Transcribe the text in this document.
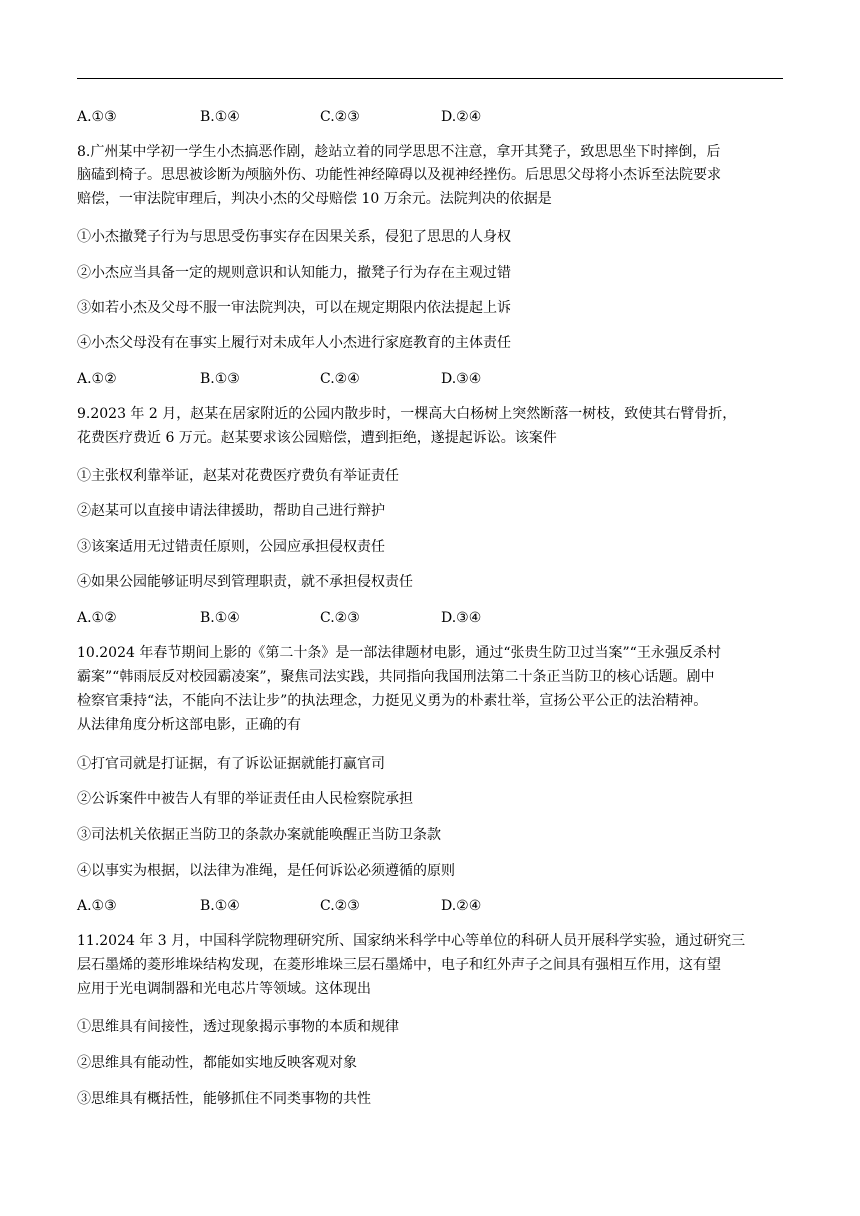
A.①③	B.①④	C.②③	D.②④
8.广州某中学初一学生小杰搞恶作剧，趁站立着的同学思思不注意，拿开其凳子，致思思坐下时摔倒，后
脑磕到椅子。思思被诊断为颅脑外伤、功能性神经障碍以及视神经挫伤。后思思父母将小杰诉至法院要求
赔偿，一审法院审理后，判决小杰的父母赔偿 10 万余元。法院判决的依据是
①小杰撤凳子行为与思思受伤事实存在因果关系，侵犯了思思的人身权
②小杰应当具备一定的规则意识和认知能力，撤凳子行为存在主观过错
③如若小杰及父母不服一审法院判决，可以在规定期限内依法提起上诉
④小杰父母没有在事实上履行对未成年人小杰进行家庭教育的主体责任
A.①②	B.①③	C.②④	D.③④
9.2023 年 2 月，赵某在居家附近的公园内散步时，一棵高大白杨树上突然断落一树枝，致使其右臂骨折，
花费医疗费近 6 万元。赵某要求该公园赔偿，遭到拒绝，遂提起诉讼。该案件
①主张权利靠举证，赵某对花费医疗费负有举证责任
②赵某可以直接申请法律援助，帮助自己进行辩护
③该案适用无过错责任原则，公园应承担侵权责任
④如果公园能够证明尽到管理职责，就不承担侵权责任
A.①②	B.①④	C.②③	D.③④
10.2024 年春节期间上影的《第二十条》是一部法律题材电影，通过“张贵生防卫过当案”“王永强反杀村
霸案”“韩雨辰反对校园霸凌案”，聚焦司法实践，共同指向我国刑法第二十条正当防卫的核心话题。剧中
检察官秉持“法，不能向不法让步”的执法理念，力挺见义勇为的朴素壮举，宣扬公平公正的法治精神。
从法律角度分析这部电影，正确的有
①打官司就是打证据，有了诉讼证据就能打赢官司
②公诉案件中被告人有罪的举证责任由人民检察院承担
③司法机关依据正当防卫的条款办案就能唤醒正当防卫条款
④以事实为根据，以法律为准绳，是任何诉讼必须遵循的原则
A.①③	B.①④	C.②③	D.②④
11.2024 年 3 月，中国科学院物理研究所、国家纳米科学中心等单位的科研人员开展科学实验，通过研究三
层石墨烯的菱形堆垛结构发现，在菱形堆垛三层石墨烯中，电子和红外声子之间具有强相互作用，这有望
应用于光电调制器和光电芯片等领域。这体现出
①思维具有间接性，透过现象揭示事物的本质和规律
②思维具有能动性，都能如实地反映客观对象
③思维具有概括性，能够抓住不同类事物的共性
